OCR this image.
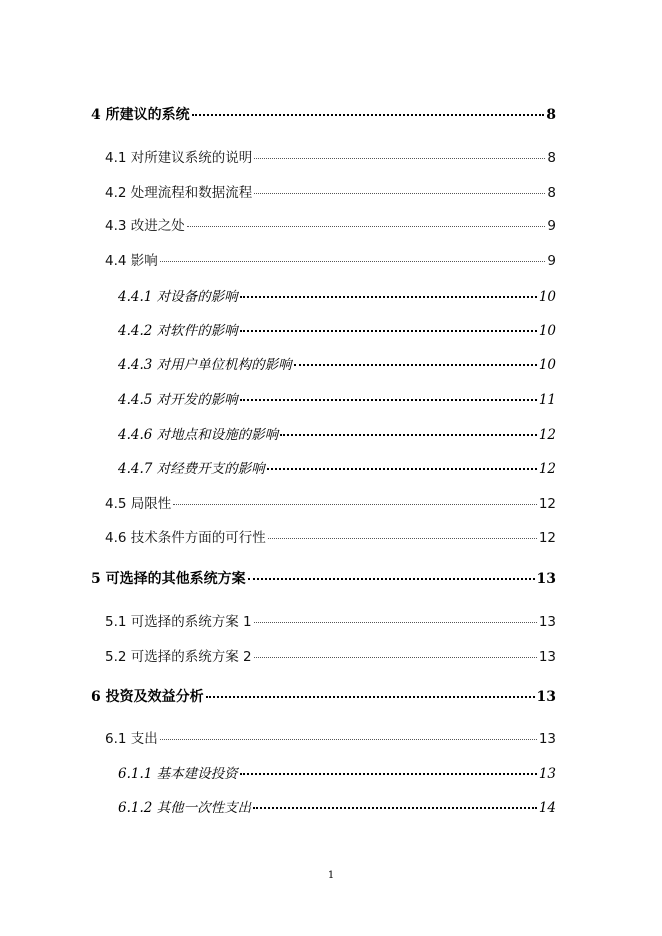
4 所建议的系统	8
4.1 对所建议系统的说明	8
4.2 处理流程和数据流程	8
4.3 改进之处	9
4.4 影响	9
4.4.1 对设备的影响	10
4.4.2 对软件的影响	10
4.4.3 对用户单位机构的影响	10
4.4.5 对开发的影响	11
4.4.6 对地点和设施的影响	12
4.4.7 对经费开支的影响	12
4.5 局限性	12
4.6 技术条件方面的可行性	12
5 可选择的其他系统方案	13
5.1 可选择的系统方案 1	13
5.2 可选择的系统方案 2	13
6 投资及效益分析	13
6.1 支出	13
6.1.1 基本建设投资	13
6.1.2 其他一次性支出	14
1
